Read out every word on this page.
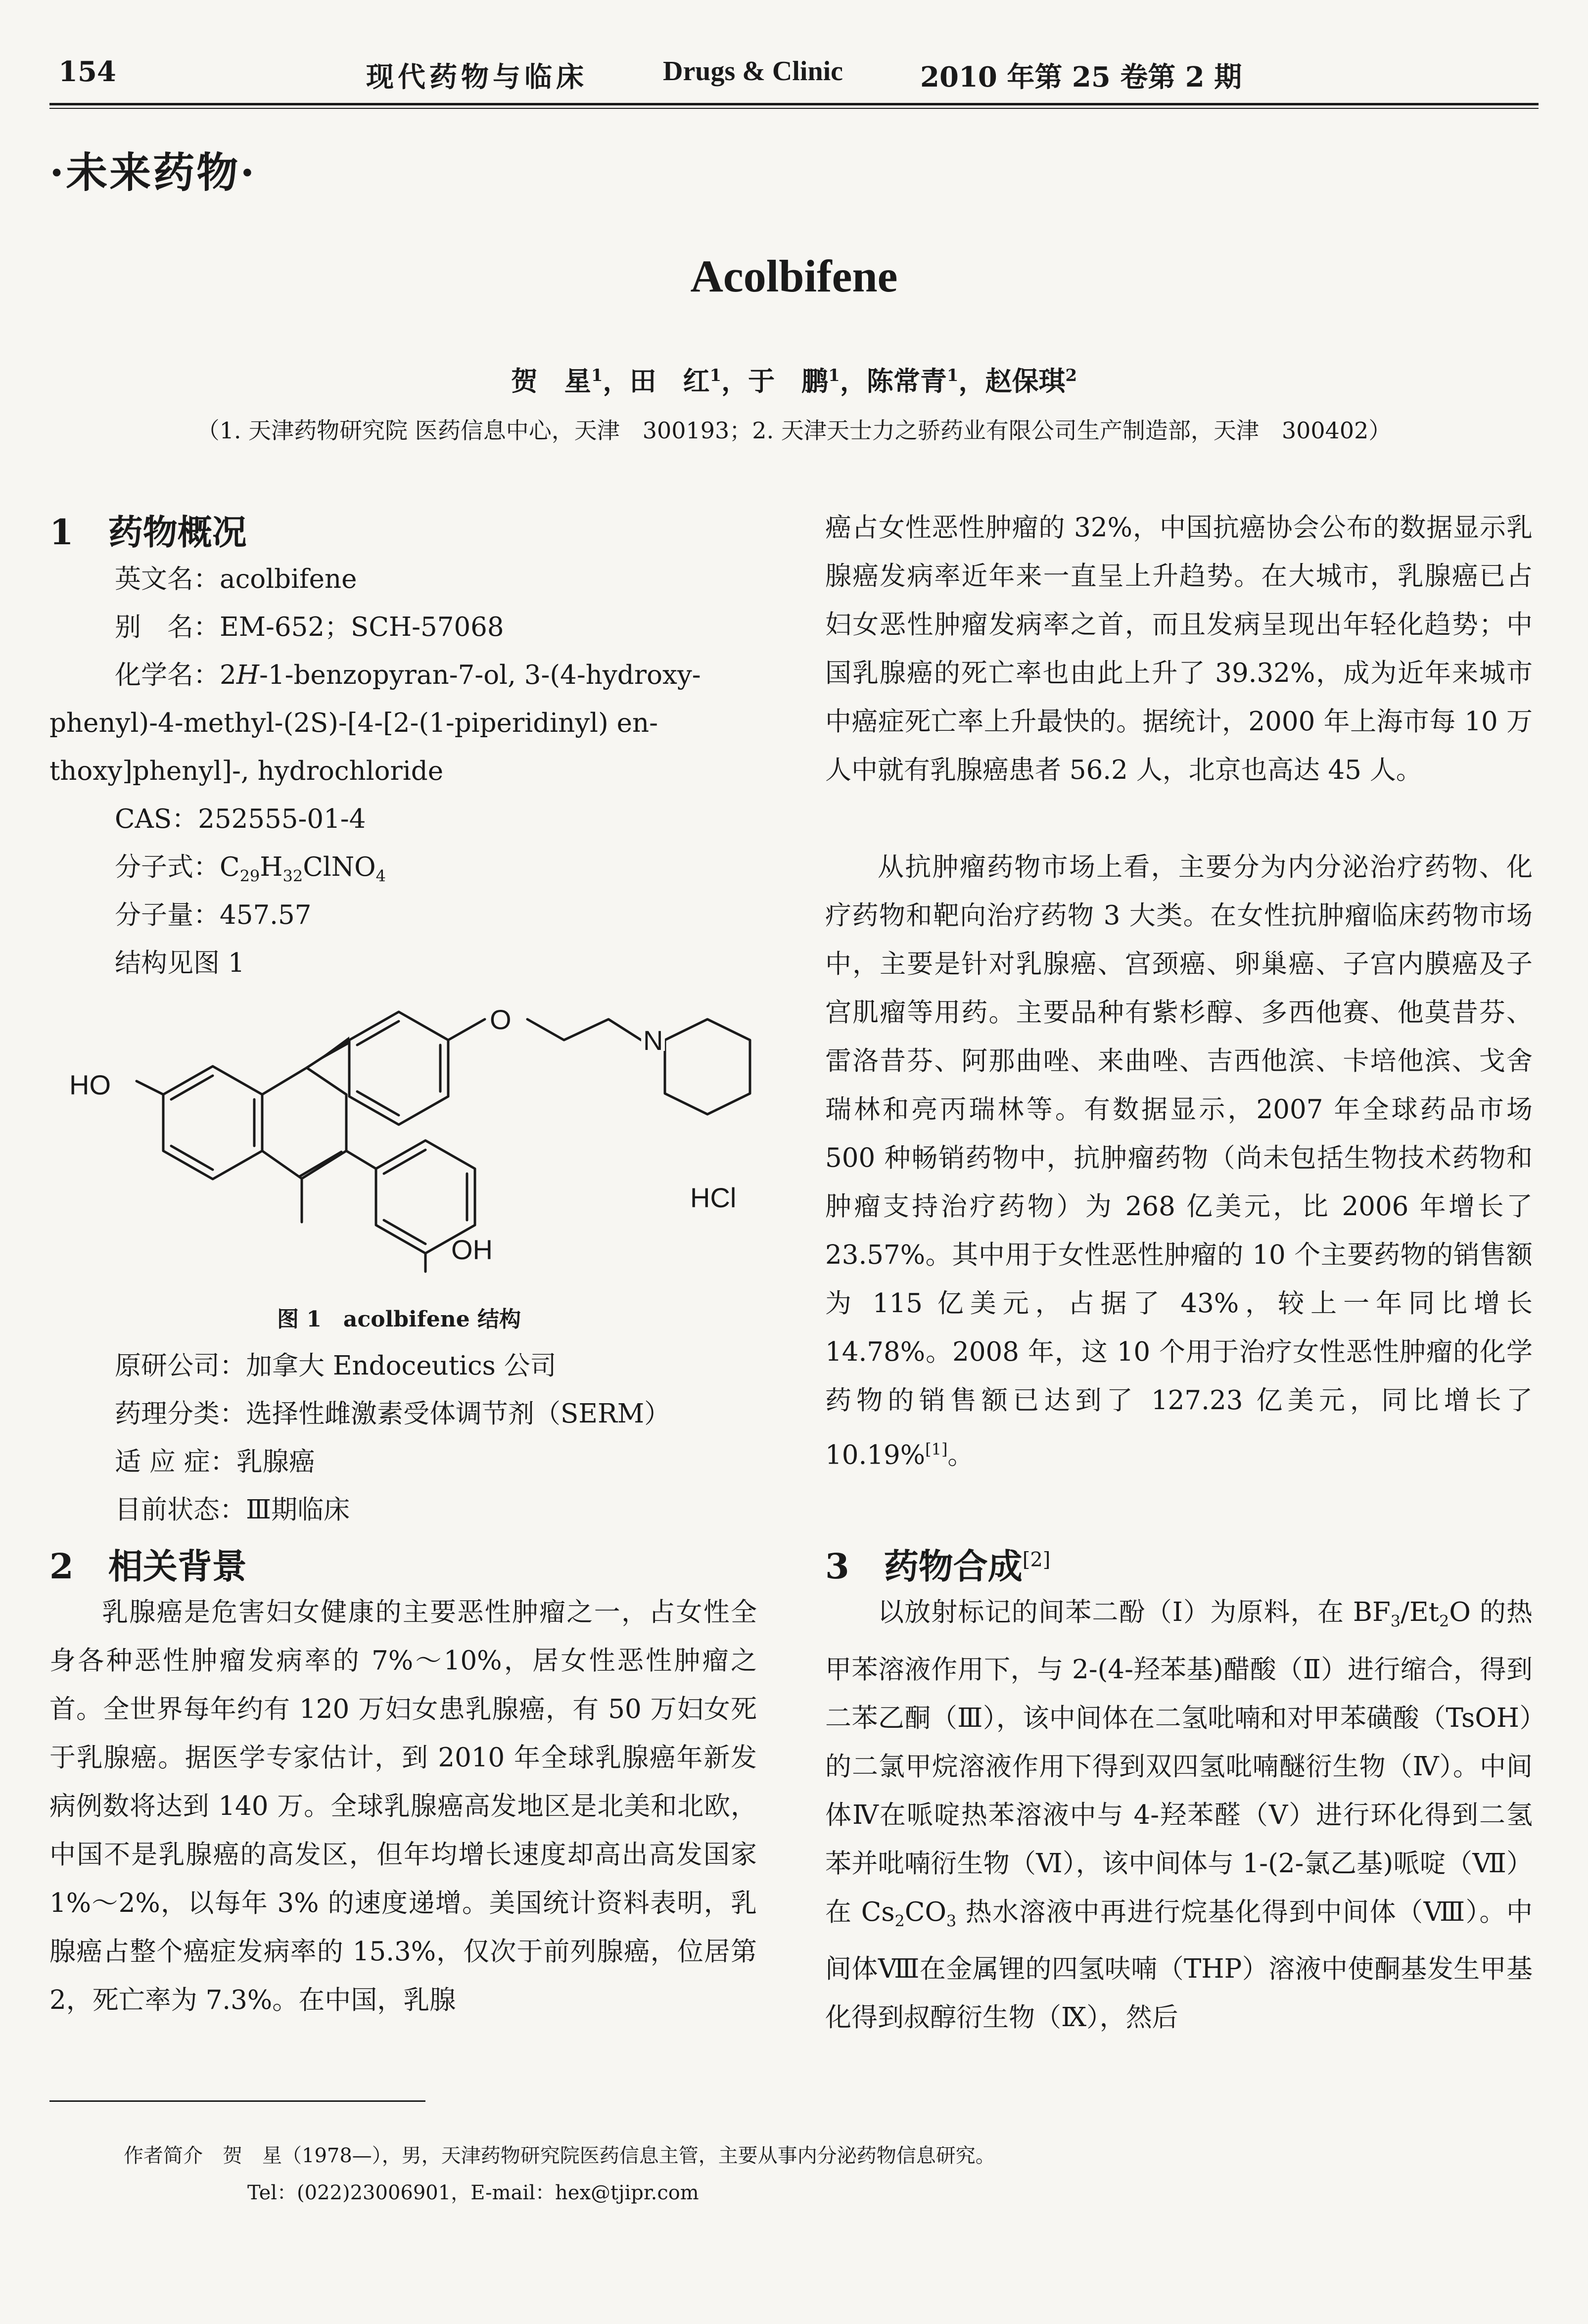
154	现代药物与临床	Drugs & Clinic	2010 年第 25 卷第 2 期
·未来药物·
Acolbifene
贺　星$^1$，田　红$^1$，于　鹏$^1$，陈常青$^1$，赵保琪$^2$
（1. 天津药物研究院 医药信息中心，天津　300193；2. 天津天士力之骄药业有限公司生产制造部，天津　300402）
1　药物概况
英文名：acolbifene
别　名：EM-652；SCH-57068
化学名：2H-1-benzopyran-7-ol, 3-(4-hydroxy-
phenyl)-4-methyl-(2S)-[4-[2-(1-piperidinyl) en-
thoxy]phenyl]-, hydrochloride
CAS：252555-01-4
分子式：$C_{29}H_{32}ClNO_4$
分子量：457.57
结构见图 1
HO
O
N
OH
HCl
图 1　acolbifene 结构
原研公司：加拿大 Endoceutics 公司
药理分类：选择性雌激素受体调节剂（SERM）
适 应 症：乳腺癌
目前状态：Ⅲ期临床
2　相关背景
乳腺癌是危害妇女健康的主要恶性肿瘤之一，占女性全身各种恶性肿瘤发病率的 7%～10%，居女性恶性肿瘤之首。全世界每年约有 120 万妇女患乳腺癌，有 50 万妇女死于乳腺癌。据医学专家估计，到 2010 年全球乳腺癌年新发病例数将达到 140 万。全球乳腺癌高发地区是北美和北欧，中国不是乳腺癌的高发区，但年均增长速度却高出高发国家 1%～2%，以每年 3% 的速度递增。美国统计资料表明，乳腺癌占整个癌症发病率的 15.3%，仅次于前列腺癌，位居第 2，死亡率为 7.3%。在中国，乳腺
癌占女性恶性肿瘤的 32%，中国抗癌协会公布的数据显示乳腺癌发病率近年来一直呈上升趋势。在大城市，乳腺癌已占妇女恶性肿瘤发病率之首，而且发病呈现出年轻化趋势；中国乳腺癌的死亡率也由此上升了 39.32%，成为近年来城市中癌症死亡率上升最快的。据统计，2000 年上海市每 10 万人中就有乳腺癌患者 56.2 人，北京也高达 45 人。
从抗肿瘤药物市场上看，主要分为内分泌治疗药物、化疗药物和靶向治疗药物 3 大类。在女性抗肿瘤临床药物市场中，主要是针对乳腺癌、宫颈癌、卵巢癌、子宫内膜癌及子宫肌瘤等用药。主要品种有紫杉醇、多西他赛、他莫昔芬、雷洛昔芬、阿那曲唑、来曲唑、吉西他滨、卡培他滨、戈舍瑞林和亮丙瑞林等。有数据显示，2007 年全球药品市场 500 种畅销药物中，抗肿瘤药物（尚未包括生物技术药物和肿瘤支持治疗药物）为 268 亿美元，比 2006 年增长了 23.57%。其中用于女性恶性肿瘤的 10 个主要药物的销售额为 115 亿美元，占据了 43%，较上一年同比增长 14.78%。2008 年，这 10 个用于治疗女性恶性肿瘤的化学药物的销售额已达到了 127.23 亿美元，同比增长了 10.19%[1]。
3　药物合成[2]
以放射标记的间苯二酚（Ⅰ）为原料，在 $BF_3/Et_2O$ 的热甲苯溶液作用下，与 2-(4-羟苯基)醋酸（Ⅱ）进行缩合，得到二苯乙酮（Ⅲ），该中间体在二氢吡喃和对甲苯磺酸（TsOH）的二氯甲烷溶液作用下得到双四氢吡喃醚衍生物（Ⅳ）。中间体Ⅳ在哌啶热苯溶液中与 4-羟苯醛（Ⅴ）进行环化得到二氢苯并吡喃衍生物（Ⅵ），该中间体与 1-(2-氯乙基)哌啶（Ⅶ）在 $Cs_2CO_3$ 热水溶液中再进行烷基化得到中间体（Ⅷ）。中间体Ⅷ在金属锂的四氢呋喃（THP）溶液中使酮基发生甲基化得到叔醇衍生物（Ⅸ），然后
作者简介　贺　星（1978—），男，天津药物研究院医药信息主管，主要从事内分泌药物信息研究。
Tel：(022)23006901，E-mail：hex@tjipr.com
